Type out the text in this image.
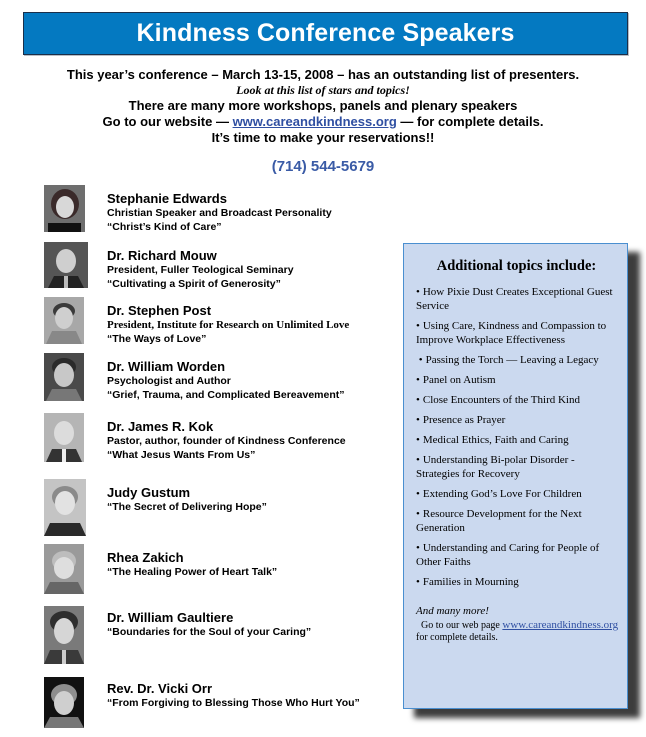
Kindness Conference Speakers
This year’s conference – March 13-15, 2008 – has an outstanding list of presenters.
Look at this list of stars and topics!
There are many more workshops, panels and plenary speakers
Go to our website — www.careandkindness.org — for complete details.
It’s time to make your reservations!!
(714) 544-5679
Stephanie Edwards
Christian Speaker and Broadcast Personality
“Christ’s Kind of Care”
Dr. Richard Mouw
President, Fuller Teological Seminary
“Cultivating a Spirit of Generosity”
Dr. Stephen Post
President, Institute for Research on Unlimited Love
“The Ways of Love”
Dr. William Worden
Psychologist and Author
“Grief, Trauma, and Complicated Bereavement”
Dr. James R. Kok
Pastor, author, founder of Kindness Conference
“What Jesus Wants From Us”
Judy Gustum
“The Secret of Delivering Hope”
Rhea Zakich
“The Healing Power of Heart Talk”
Dr. William Gaultiere
“Boundaries for the Soul of your Caring”
Rev. Dr. Vicki Orr
“From Forgiving to Blessing Those Who Hurt You”
Additional topics include:
• How Pixie Dust Creates Exceptional Guest Service
• Using Care, Kindness and Compassion to Improve Workplace Effectiveness
• Passing the Torch — Leaving a Legacy
• Panel on Autism
• Close Encounters of the Third Kind
• Presence as Prayer
• Medical Ethics, Faith and Caring
• Understanding Bi-polar Disorder - Strategies for Recovery
• Extending God’s Love For Children
• Resource Development for the Next Generation
• Understanding and Caring for People of Other Faiths
• Families in Mourning
And many more!  Go to our web page www.careandkindness.org for complete details.
